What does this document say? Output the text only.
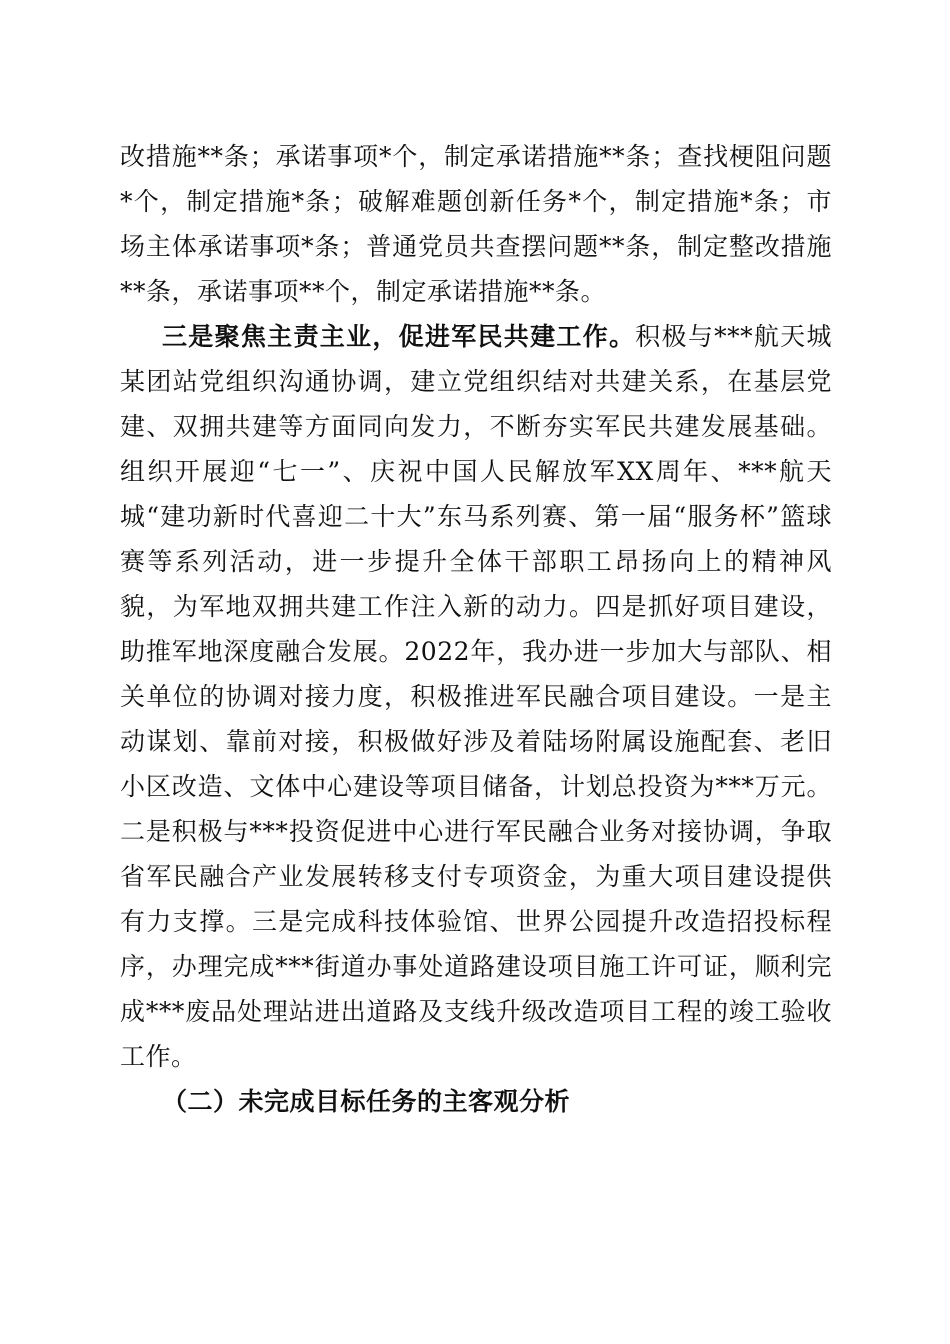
改措施**条；承诺事项*个，制定承诺措施**条；查找梗阻问题*个，制定措施*条；破解难题创新任务*个，制定措施*条；市场主体承诺事项*条；普通党员共查摆问题**条，制定整改措施**条，承诺事项**个，制定承诺措施**条。

三是聚焦主责主业，促进军民共建工作。积极与***航天城某团站党组织沟通协调，建立党组织结对共建关系，在基层党建、双拥共建等方面同向发力，不断夯实军民共建发展基础。组织开展迎“七一”、庆祝中国人民解放军XX周年、***航天城“建功新时代喜迎二十大”东马系列赛、第一届“服务杯”篮球赛等系列活动，进一步提升全体干部职工昂扬向上的精神风貌，为军地双拥共建工作注入新的动力。四是抓好项目建设，助推军地深度融合发展。2022年，我办进一步加大与部队、相关单位的协调对接力度，积极推进军民融合项目建设。一是主动谋划、靠前对接，积极做好涉及着陆场附属设施配套、老旧小区改造、文体中心建设等项目储备，计划总投资为***万元。二是积极与***投资促进中心进行军民融合业务对接协调，争取省军民融合产业发展转移支付专项资金，为重大项目建设提供有力支撑。三是完成科技体验馆、世界公园提升改造招投标程序，办理完成***街道办事处道路建设项目施工许可证，顺利完成***废品处理站进出道路及支线升级改造项目工程的竣工验收工作。

（二）未完成目标任务的主客观分析
